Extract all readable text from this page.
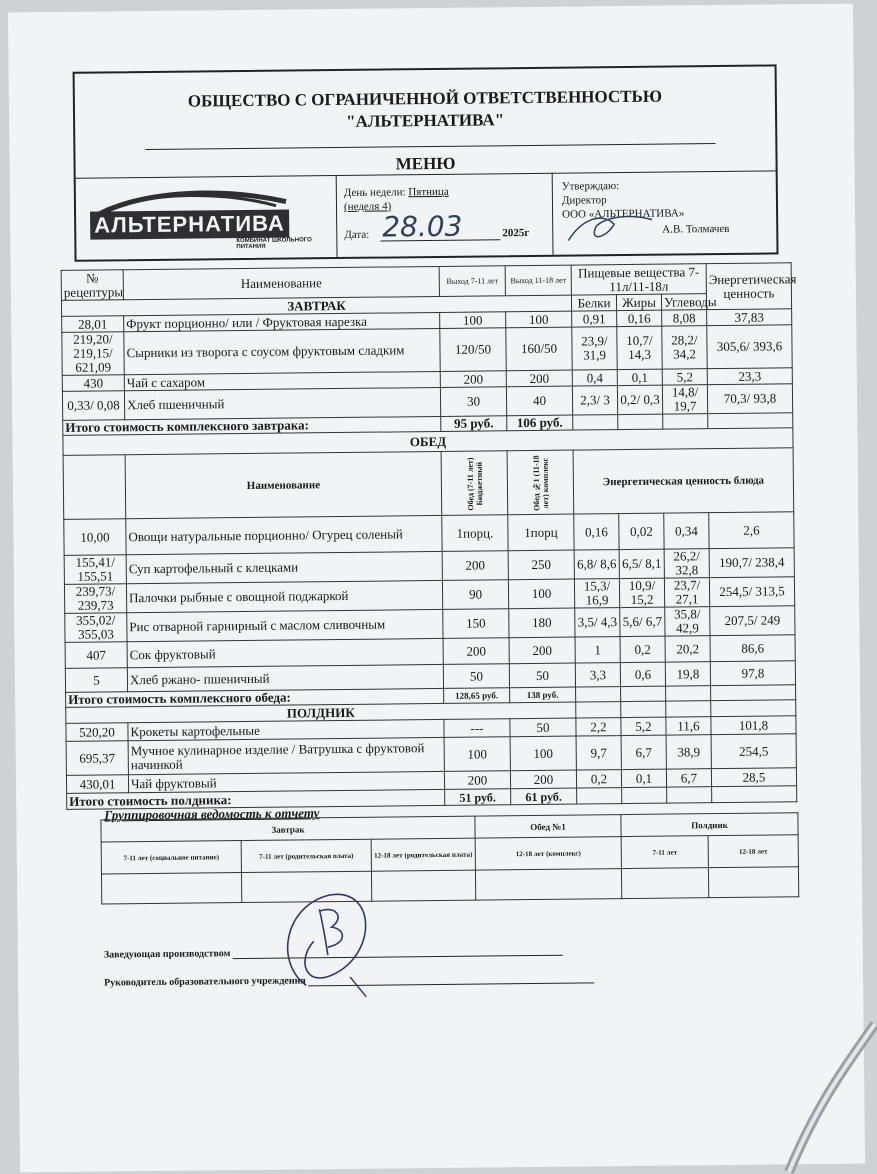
ОБЩЕСТВО С ОГРАНИЧЕННОЙ ОТВЕТСТВЕННОСТЬЮ
"АЛЬТЕРНАТИВА"
МЕНЮ
АЛЬТЕРНАТИВА
КОМБИНАТ ШКОЛЬНОГО ПИТАНИЯ
День недели: Пятница
(неделя 4)
Дата: 28.03	2025г
Утверждаю:
Директор
ООО «АЛЬТЕРНАТИВА»
А.В. Толмачев
№ рецептуры	Наименование	Выход 7-11 лет	Выход 11-18 лет	Пищевые вещества 7-11л/11-18л			Энергетическая ценность
ЗАВТРАК				Белки	Жиры	Углеводы	
28,01	Фрукт порционно/ или / Фруктовая нарезка	100	100	0,91	0,16	8,08	37,83
219,20/ 219,15/ 621,09	Сырники из творога с соусом фруктовым сладким	120/50	160/50	23,9/ 31,9	10,7/ 14,3	28,2/ 34,2	305,6/ 393,6
430	Чай с сахаром	200	200	0,4	0,1	5,2	23,3
0,33/ 0,08	Хлеб пшеничный	30	40	2,3/ 3	0,2/ 0,3	14,8/ 19,7	70,3/ 93,8
Итого стоимость комплексного завтрака:		95 руб.	106 руб.				
ОБЕД							
	Наименование	Обед (7-11 лет) Бюджетный	Обед №1 (11-18 лет) комплекс	Энергетическая ценность блюда			
10,00	Овощи натуральные порционно/ Огурец соленый	1порц.	1порц	0,16	0,02	0,34	2,6
155,41/ 155,51	Суп картофельный с клецками	200	250	6,8/ 8,6	6,5/ 8,1	26,2/ 32,8	190,7/ 238,4
239,73/ 239,73	Палочки рыбные с овощной поджаркой	90	100	15,3/ 16,9	10,9/ 15,2	23,7/ 27,1	254,5/ 313,5
355,02/ 355,03	Рис отварной гарнирный с маслом сливочным	150	180	3,5/ 4,3	5,6/ 6,7	35,8/ 42,9	207,5/ 249
407	Сок фруктовый	200	200	1	0,2	20,2	86,6
5	Хлеб ржано- пшеничный	50	50	3,3	0,6	19,8	97,8
Итого стоимость комплексного обеда:		128,65 руб.	138 руб.				
ПОЛДНИК							
520,20	Крокеты картофельные	---	50	2,2	5,2	11,6	101,8
695,37	Мучное кулинарное изделие / Ватрушка с фруктовой начинкой	100	100	9,7	6,7	38,9	254,5
430,01	Чай фруктовый	200	200	0,2	0,1	6,7	28,5
Итого стоимость полдника:		51 руб.	61 руб.				
Группировочная ведомость к отчету
Завтрак			Обед №1	Полдник	
7-11 лет (социальное питание)	7-11 лет (родительская плата)	12-18 лет (родительская плата)	12-18 лет (комплекс)	7-11 лет	12-18 лет

Заведующая производством
Руководитель образовательного учреждения
